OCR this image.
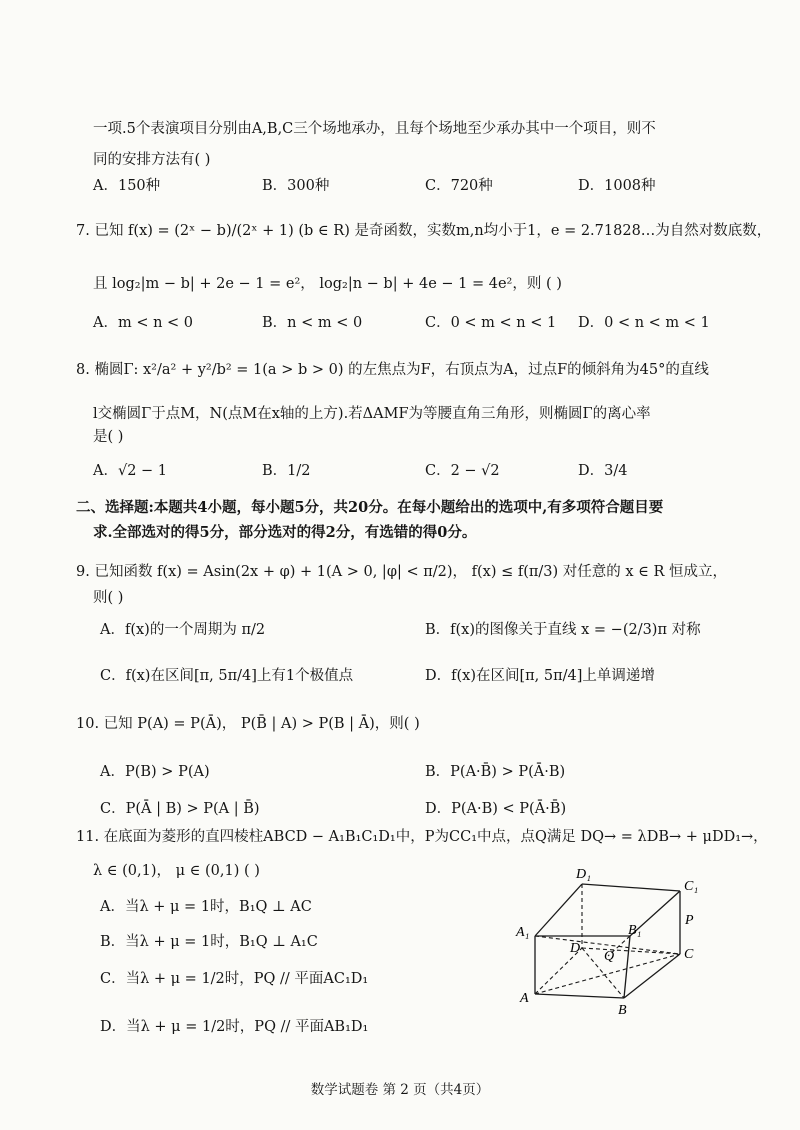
一项.5个表演项目分别由A,B,C三个场地承办，且每个场地至少承办其中一个项目，则不
同的安排方法有( )
A．150种	B．300种	C．720种	D．1008种
7. 已知 f(x) = (2ˣ − b)/(2ˣ + 1) (b ∈ R) 是奇函数，实数m,n均小于1，e = 2.71828…为自然对数底数，
且 log₂|m − b| + 2e − 1 = e²， log₂|n − b| + 4e − 1 = 4e²，则 ( )
A．m < n < 0	B．n < m < 0	C．0 < m < n < 1 D．0 < n < m < 1
8. 椭圆Γ: x²/a² + y²/b² = 1(a > b > 0) 的左焦点为F，右顶点为A，过点F的倾斜角为45°的直线
l交椭圆Γ于点M，N(点M在x轴的上方).若ΔAMF为等腰直角三角形，则椭圆Γ的离心率
是( )
A．√2 − 1	B．1/2	C．2 − √2	D．3/4
二、选择题:本题共4小题，每小题5分，共20分。在每小题给出的选项中,有多项符合题目要
求.全部选对的得5分，部分选对的得2分，有选错的得0分。
9. 已知函数 f(x) = Asin(2x + φ) + 1(A > 0, |φ| < π/2)， f(x) ≤ f(π/3) 对任意的 x ∈ R 恒成立，
则( )
A．f(x)的一个周期为 π/2	B．f(x)的图像关于直线 x = −(2/3)π 对称
C．f(x)在区间[π, 5π/4]上有1个极值点	D．f(x)在区间[π, 5π/4]上单调递增
10. 已知 P(A) = P(Ā)， P(B̄ | A) > P(B | Ā)，则( )
A．P(B) > P(A)	B．P(A·B̄) > P(Ā·B)
C．P(Ā | B) > P(A | B̄)	D．P(A·B) < P(Ā·B̄)
11. 在底面为菱形的直四棱柱ABCD − A₁B₁C₁D₁中，P为CC₁中点，点Q满足 DQ→ = λDB→ + μDD₁→，
λ ∈ (0,1)， μ ∈ (0,1) ( )
A．当λ + μ = 1时，B₁Q ⊥ AC
B．当λ + μ = 1时，B₁Q ⊥ A₁C
C．当λ + μ = 1/2时，PQ // 平面AC₁D₁
D．当λ + μ = 1/2时，PQ // 平面AB₁D₁
D₁
C₁
A₁	B₁
P
D
Q	C
A
B
数学试题卷 第 2 页（共4页）
